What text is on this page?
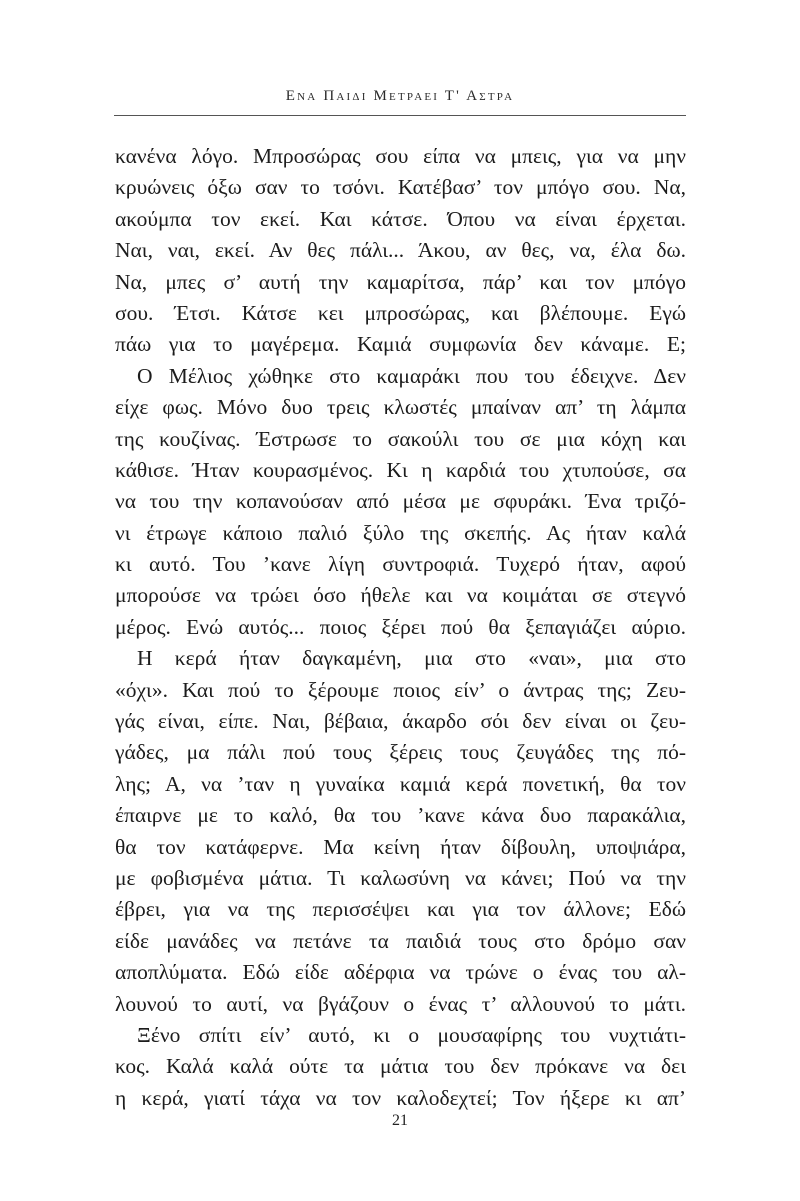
Ενα Παιδι Μετραει Τ' Αστρα
κανένα λόγο. Μπροσώρας σου είπα να μπεις, για να μην
κρυώνεις όξω σαν το τσόνι. Κατέβασ’ τον μπόγο σου. Να,
ακούμπα τον εκεί. Και κάτσε. Όπου να είναι έρχεται.
Ναι, ναι, εκεί. Αν θες πάλι... Άκου, αν θες, να, έλα δω.
Να, μπες σ’ αυτή την καμαρίτσα, πάρ’ και τον μπόγο
σου. Έτσι. Κάτσε κει μπροσώρας, και βλέπουμε. Εγώ
πάω για το μαγέρεμα. Καμιά συμφωνία δεν κάναμε. Ε;
Ο Μέλιος χώθηκε στο καμαράκι που του έδειχνε. Δεν
είχε φως. Μόνο δυο τρεις κλωστές μπαίναν απ’ τη λάμπα
της κουζίνας. Έστρωσε το σακούλι του σε μια κόχη και
κάθισε. Ήταν κουρασμένος. Κι η καρδιά του χτυπούσε, σα
να του την κοπανούσαν από μέσα με σφυράκι. Ένα τριζό-
νι έτρωγε κάποιο παλιό ξύλο της σκεπής. Ας ήταν καλά
κι αυτό. Του ’κανε λίγη συντροφιά. Τυχερό ήταν, αφού
μπορούσε να τρώει όσο ήθελε και να κοιμάται σε στεγνό
μέρος. Ενώ αυτός... ποιος ξέρει πού θα ξεπαγιάζει αύριο.
Η κερά ήταν δαγκαμένη, μια στο «ναι», μια στο
«όχι». Και πού το ξέρουμε ποιος είν’ ο άντρας της; Ζευ-
γάς είναι, είπε. Ναι, βέβαια, άκαρδο σόι δεν είναι οι ζευ-
γάδες, μα πάλι πού τους ξέρεις τους ζευγάδες της πό-
λης; Α, να ’ταν η γυναίκα καμιά κερά πονετική, θα τον
έπαιρνε με το καλό, θα του ’κανε κάνα δυο παρακάλια,
θα τον κατάφερνε. Μα κείνη ήταν δίβουλη, υποψιάρα,
με φοβισμένα μάτια. Τι καλωσύνη να κάνει; Πού να την
έβρει, για να της περισσέψει και για τον άλλονε; Εδώ
είδε μανάδες να πετάνε τα παιδιά τους στο δρόμο σαν
αποπλύματα. Εδώ είδε αδέρφια να τρώνε ο ένας του αλ-
λουνού το αυτί, να βγάζουν ο ένας τ’ αλλουνού το μάτι.
Ξένο σπίτι είν’ αυτό, κι ο μουσαφίρης του νυχτιάτι-
κος. Καλά καλά ούτε τα μάτια του δεν πρόκανε να δει
η κερά, γιατί τάχα να τον καλοδεχτεί; Τον ήξερε κι απ’
21
